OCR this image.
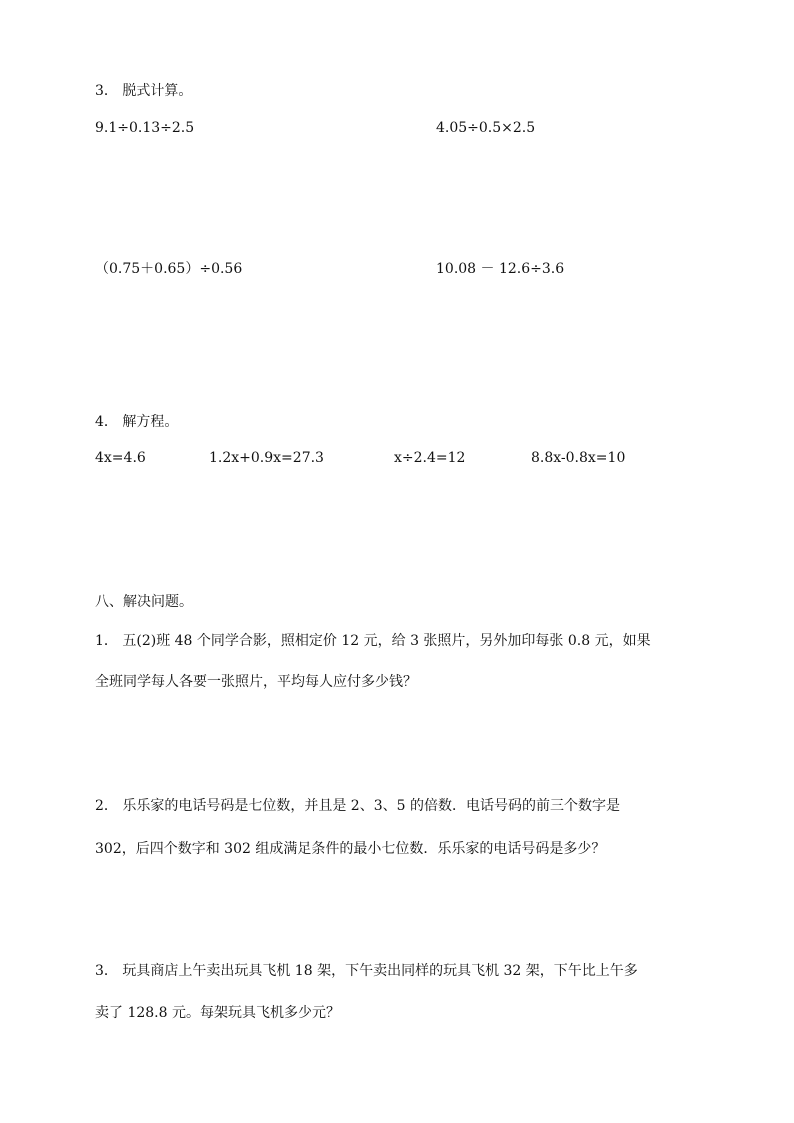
3． 脱式计算。
9.1÷0.13÷2.5	4.05÷0.5×2.5
（0.75＋0.65）÷0.56	10.08 － 12.6÷3.6
4． 解方程。
4x=4.6	1.2x+0.9x=27.3	x÷2.4=12	8.8x-0.8x=10
八、解决问题。
1． 五(2)班 48 个同学合影，照相定价 12 元，给 3 张照片，另外加印每张 0.8 元，如果
全班同学每人各要一张照片，平均每人应付多少钱？
2． 乐乐家的电话号码是七位数，并且是 2、3、5 的倍数．电话号码的前三个数字是
302，后四个数字和 302 组成满足条件的最小七位数．乐乐家的电话号码是多少？
3． 玩具商店上午卖出玩具飞机 18 架，下午卖出同样的玩具飞机 32 架，下午比上午多
卖了 128.8 元。每架玩具飞机多少元？
